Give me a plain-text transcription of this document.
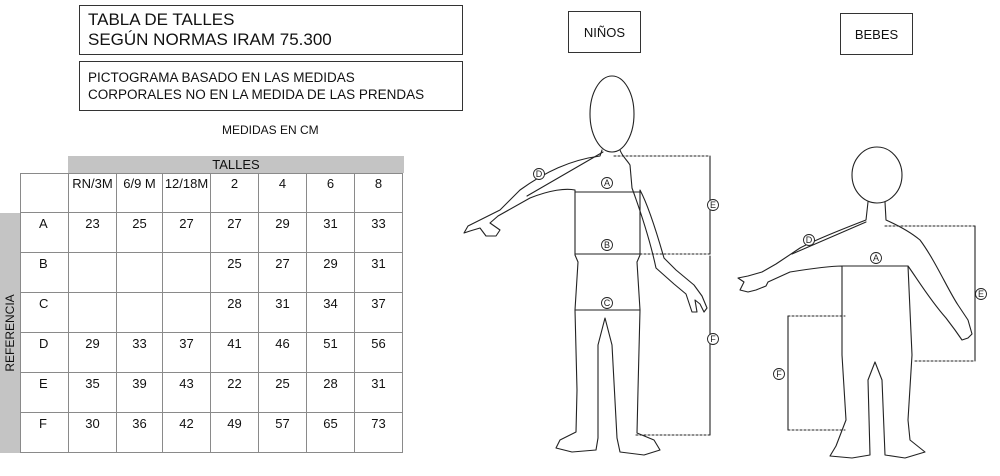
TABLA DE TALLES
SEGÚN NORMAS IRAM 75.300
PICTOGRAMA BASADO EN LAS MEDIDAS
CORPORALES NO EN LA MEDIDA DE LAS PRENDAS
MEDIDAS EN CM
NIÑOS	BEBES
TALLES
REFERENCIA
	RN/3M	6/9 M	12/18M	2	4	6	8
A	23	25	27	27	29	31	33
B				25	27	29	31
C				28	31	34	37
D	29	33	37	41	46	51	56
E	35	39	43	22	25	28	31
F	30	36	42	49	57	65	73
A
B
C
D
E
F
A
D
E
F
